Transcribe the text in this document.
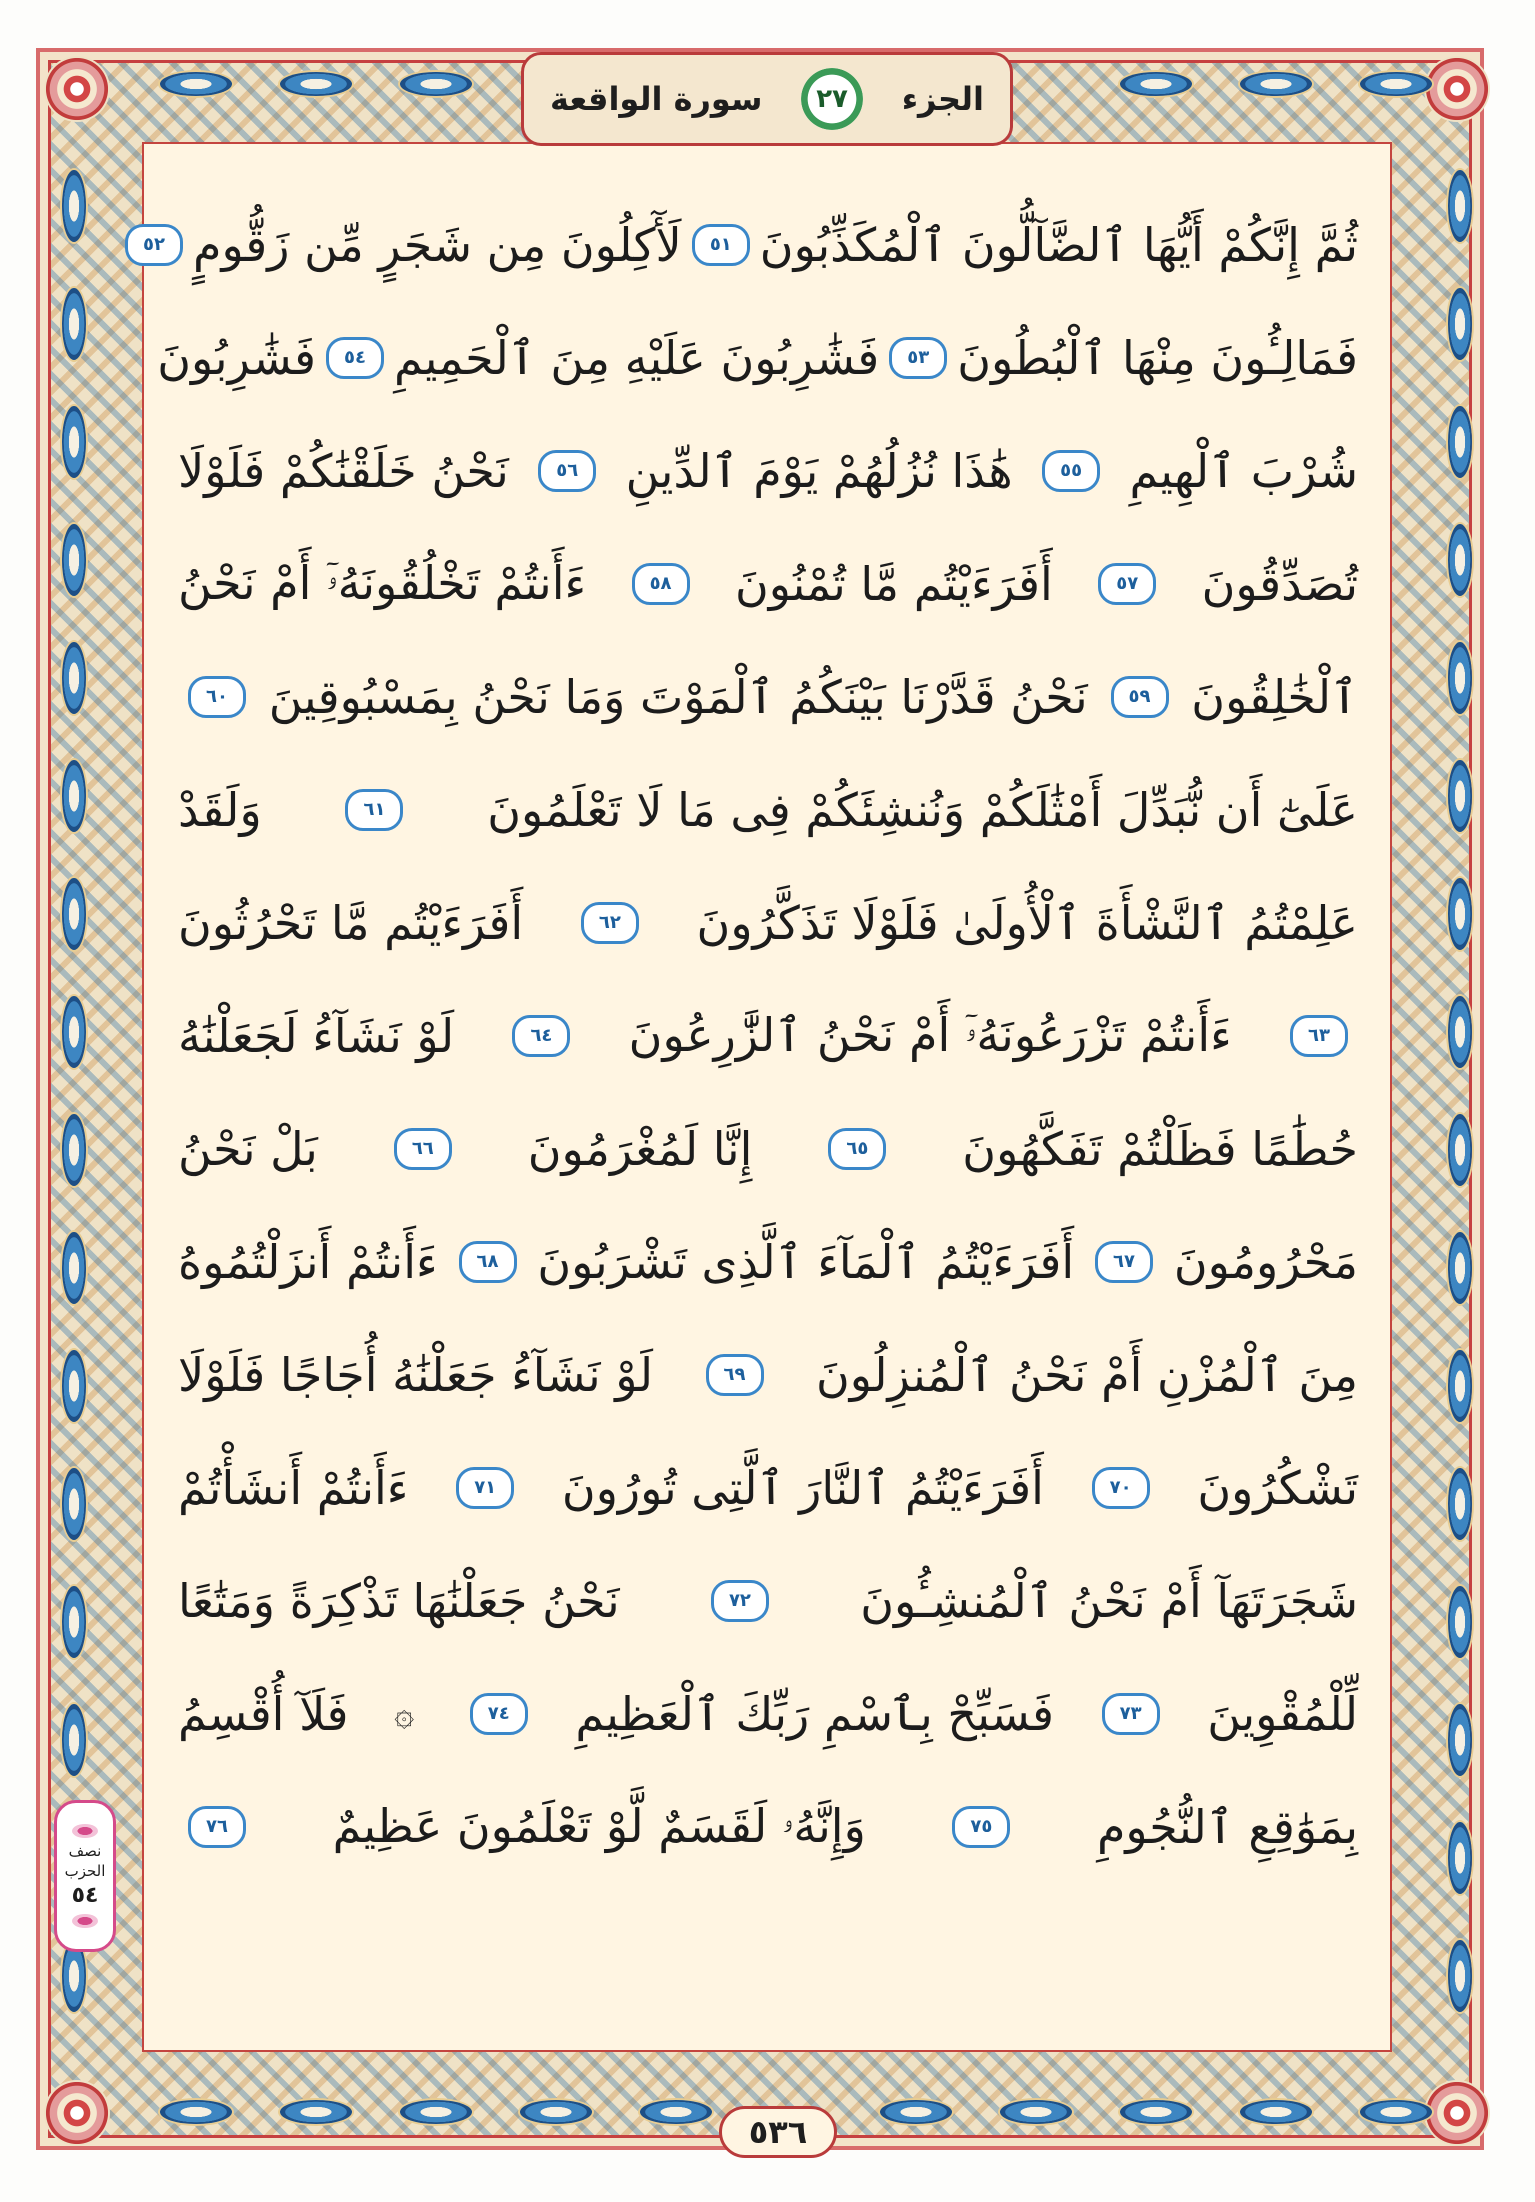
الجزء
٢٧
سورة الواقعة
نصف
الحزب
٥٤
ثُمَّ إِنَّكُمْ أَيُّهَا ٱلضَّآلُّونَ ٱلْمُكَذِّبُونَ
٥١
لَأٓكِلُونَ مِن شَجَرٍ مِّن زَقُّومٍ
٥٢
فَمَالِـُٔونَ مِنْهَا ٱلْبُطُونَ
٥٣
فَشَٰرِبُونَ عَلَيْهِ مِنَ ٱلْحَمِيمِ
٥٤
فَشَٰرِبُونَ
شُرْبَ ٱلْهِيمِ
٥٥
هَٰذَا نُزُلُهُمْ يَوْمَ ٱلدِّينِ
٥٦
نَحْنُ خَلَقْنَٰكُمْ فَلَوْلَا
تُصَدِّقُونَ
٥٧
أَفَرَءَيْتُم مَّا تُمْنُونَ
٥٨
ءَأَنتُمْ تَخْلُقُونَهُۥٓ أَمْ نَحْنُ
ٱلْخَٰلِقُونَ
٥٩
نَحْنُ قَدَّرْنَا بَيْنَكُمُ ٱلْمَوْتَ وَمَا نَحْنُ بِمَسْبُوقِينَ
٦٠
عَلَىٰٓ أَن نُّبَدِّلَ أَمْثَٰلَكُمْ وَنُنشِئَكُمْ فِى مَا لَا تَعْلَمُونَ
٦١
وَلَقَدْ
عَلِمْتُمُ ٱلنَّشْأَةَ ٱلْأُولَىٰ فَلَوْلَا تَذَكَّرُونَ
٦٢
أَفَرَءَيْتُم مَّا تَحْرُثُونَ
٦٣
ءَأَنتُمْ تَزْرَعُونَهُۥٓ أَمْ نَحْنُ ٱلزَّٰرِعُونَ
٦٤
لَوْ نَشَآءُ لَجَعَلْنَٰهُ
حُطَٰمًا فَظَلْتُمْ تَفَكَّهُونَ
٦٥
إِنَّا لَمُغْرَمُونَ
٦٦
بَلْ نَحْنُ
مَحْرُومُونَ
٦٧
أَفَرَءَيْتُمُ ٱلْمَآءَ ٱلَّذِى تَشْرَبُونَ
٦٨
ءَأَنتُمْ أَنزَلْتُمُوهُ
مِنَ ٱلْمُزْنِ أَمْ نَحْنُ ٱلْمُنزِلُونَ
٦٩
لَوْ نَشَآءُ جَعَلْنَٰهُ أُجَاجًا فَلَوْلَا
تَشْكُرُونَ
٧٠
أَفَرَءَيْتُمُ ٱلنَّارَ ٱلَّتِى تُورُونَ
٧١
ءَأَنتُمْ أَنشَأْتُمْ
شَجَرَتَهَآ أَمْ نَحْنُ ٱلْمُنشِـُٔونَ
٧٢
نَحْنُ جَعَلْنَٰهَا تَذْكِرَةً وَمَتَٰعًا
لِّلْمُقْوِينَ
٧٣
فَسَبِّحْ بِٱسْمِ رَبِّكَ ٱلْعَظِيمِ
٧٤
۞
فَلَآ أُقْسِمُ
بِمَوَٰقِعِ ٱلنُّجُومِ
٧٥
وَإِنَّهُۥ لَقَسَمٌ لَّوْ تَعْلَمُونَ عَظِيمٌ
٧٦
٥٣٦
